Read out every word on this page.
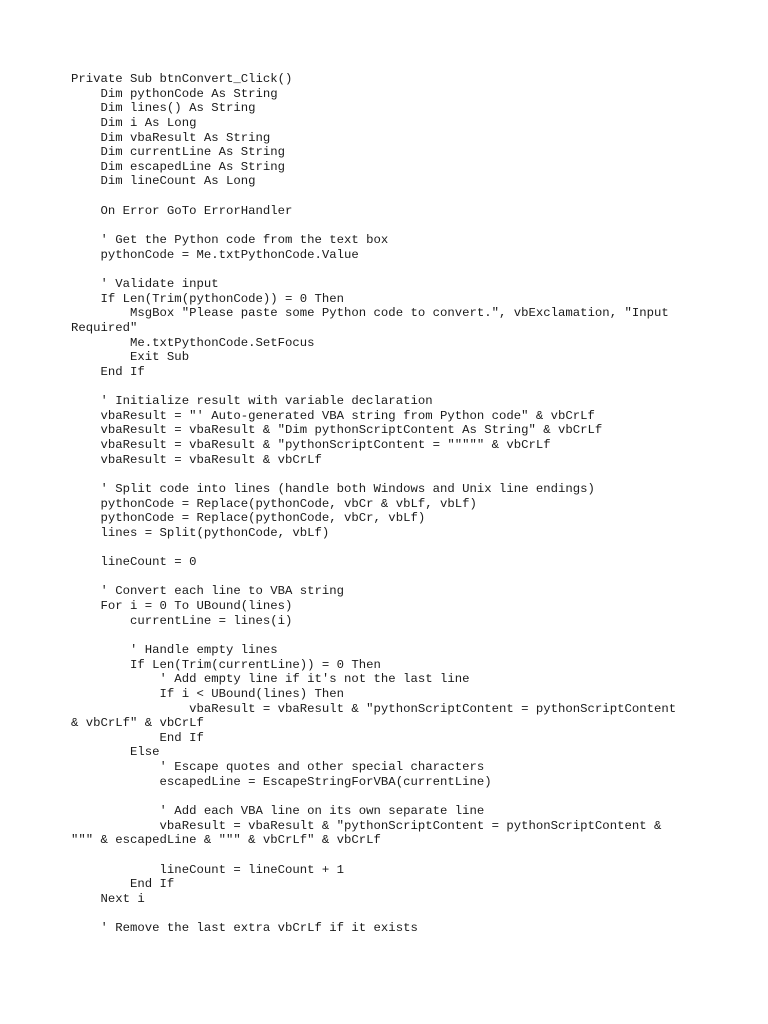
Private Sub btnConvert_Click()
Dim pythonCode As String
Dim lines() As String
Dim i As Long
Dim vbaResult As String
Dim currentLine As String
Dim escapedLine As String
Dim lineCount As Long
On Error GoTo ErrorHandler
' Get the Python code from the text box
pythonCode = Me.txtPythonCode.Value
' Validate input
If Len(Trim(pythonCode)) = 0 Then
MsgBox "Please paste some Python code to convert.", vbExclamation, "Input
Required"
Me.txtPythonCode.SetFocus
Exit Sub
End If
' Initialize result with variable declaration
vbaResult = "' Auto-generated VBA string from Python code" & vbCrLf
vbaResult = vbaResult & "Dim pythonScriptContent As String" & vbCrLf
vbaResult = vbaResult & "pythonScriptContent = """"" & vbCrLf
vbaResult = vbaResult & vbCrLf
' Split code into lines (handle both Windows and Unix line endings)
pythonCode = Replace(pythonCode, vbCr & vbLf, vbLf)
pythonCode = Replace(pythonCode, vbCr, vbLf)
lines = Split(pythonCode, vbLf)
lineCount = 0
' Convert each line to VBA string
For i = 0 To UBound(lines)
currentLine = lines(i)
' Handle empty lines
If Len(Trim(currentLine)) = 0 Then
' Add empty line if it's not the last line
If i < UBound(lines) Then
vbaResult = vbaResult & "pythonScriptContent = pythonScriptContent
& vbCrLf" & vbCrLf
End If
Else
' Escape quotes and other special characters
escapedLine = EscapeStringForVBA(currentLine)
' Add each VBA line on its own separate line
vbaResult = vbaResult & "pythonScriptContent = pythonScriptContent &
""" & escapedLine & """ & vbCrLf" & vbCrLf
lineCount = lineCount + 1
End If
Next i
' Remove the last extra vbCrLf if it exists
